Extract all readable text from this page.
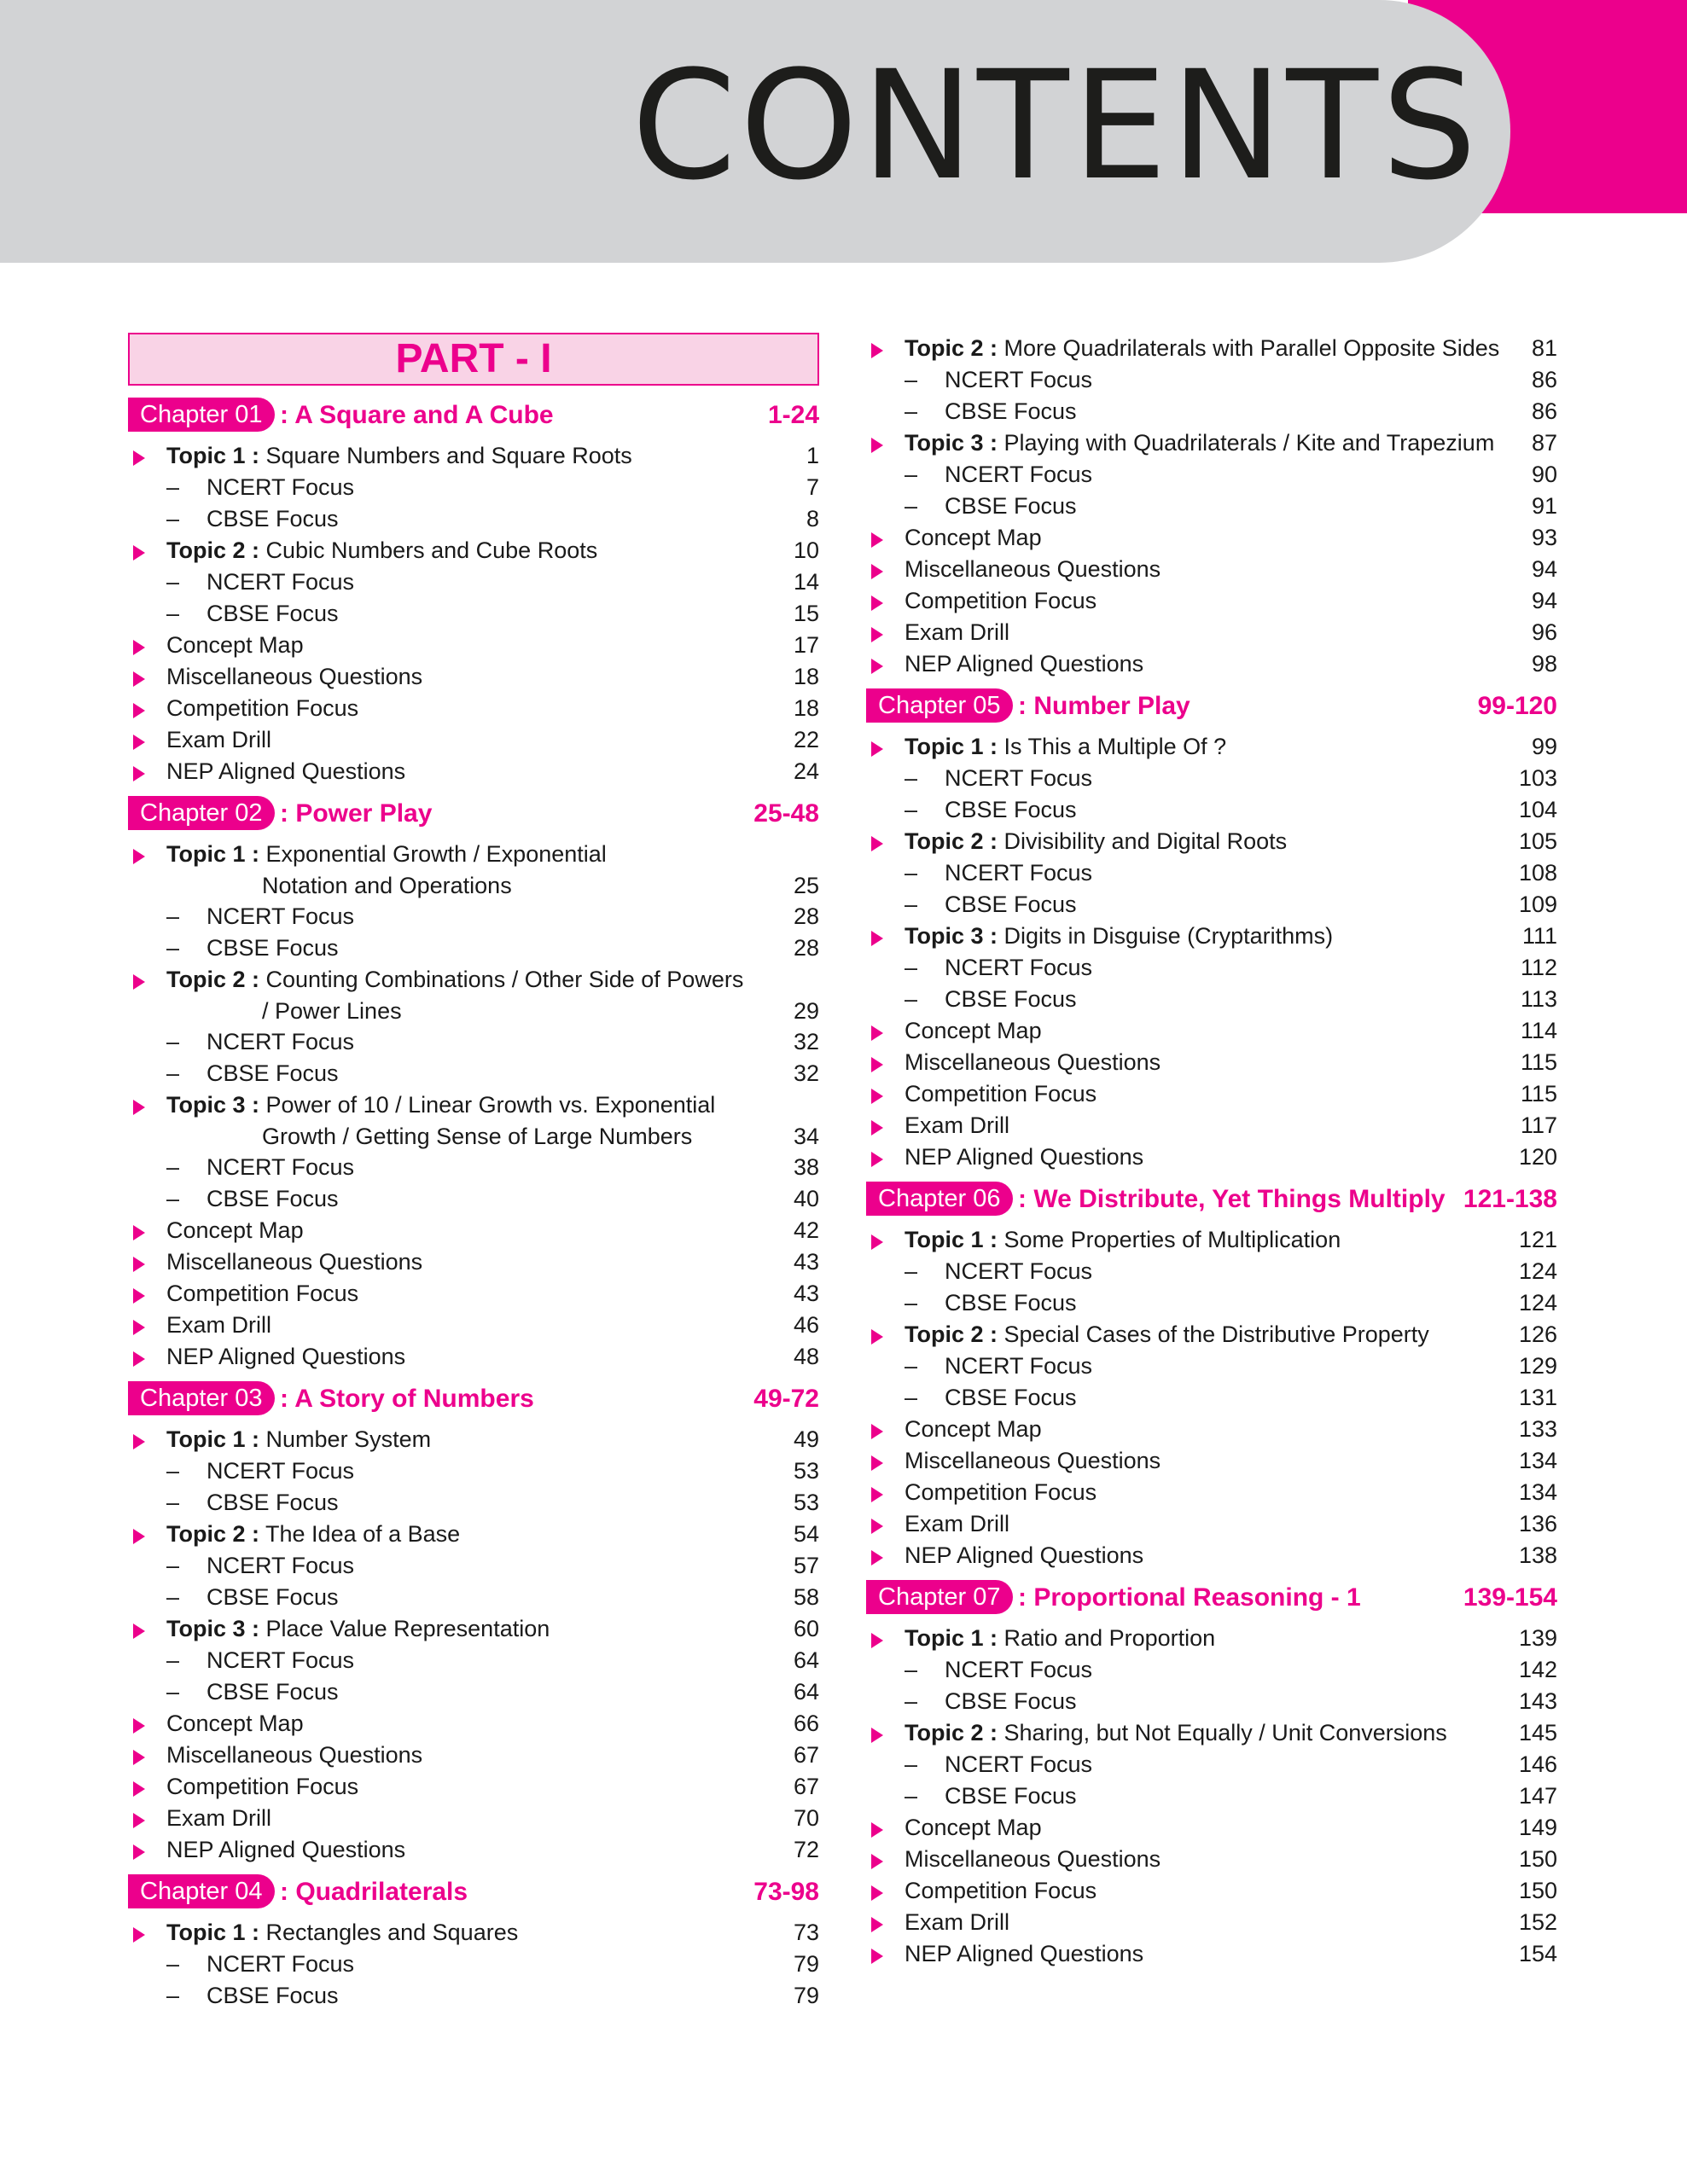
CONTENTS
PART - I
Chapter 01 : A Square and A Cube	1-24
Topic 1 : Square Numbers and Square Roots	1
– NCERT Focus	7
– CBSE Focus	8
Topic 2 : Cubic Numbers and Cube Roots	10
– NCERT Focus	14
– CBSE Focus	15
Concept Map	17
Miscellaneous Questions	18
Competition Focus	18
Exam Drill	22
NEP Aligned Questions	24
Chapter 02 : Power Play	25-48
Topic 1 : Exponential Growth / Exponential
Notation and Operations	25
– NCERT Focus	28
– CBSE Focus	28
Topic 2 : Counting Combinations / Other Side of Powers
/ Power Lines	29
– NCERT Focus	32
– CBSE Focus	32
Topic 3 : Power of 10 / Linear Growth vs. Exponential
Growth / Getting Sense of Large Numbers	34
– NCERT Focus	38
– CBSE Focus	40
Concept Map	42
Miscellaneous Questions	43
Competition Focus	43
Exam Drill	46
NEP Aligned Questions	48
Chapter 03 : A Story of Numbers	49-72
Topic 1 : Number System	49
– NCERT Focus	53
– CBSE Focus	53
Topic 2 : The Idea of a Base	54
– NCERT Focus	57
– CBSE Focus	58
Topic 3 : Place Value Representation	60
– NCERT Focus	64
– CBSE Focus	64
Concept Map	66
Miscellaneous Questions	67
Competition Focus	67
Exam Drill	70
NEP Aligned Questions	72
Chapter 04 : Quadrilaterals	73-98
Topic 1 : Rectangles and Squares	73
– NCERT Focus	79
– CBSE Focus	79
Topic 2 : More Quadrilaterals with Parallel Opposite Sides 81
– NCERT Focus	86
– CBSE Focus	86
Topic 3 : Playing with Quadrilaterals / Kite and Trapezium 87
– NCERT Focus	90
– CBSE Focus	91
Concept Map	93
Miscellaneous Questions	94
Competition Focus	94
Exam Drill	96
NEP Aligned Questions	98
Chapter 05 : Number Play	99-120
Topic 1 : Is This a Multiple Of ?	99
– NCERT Focus	103
– CBSE Focus	104
Topic 2 : Divisibility and Digital Roots	105
– NCERT Focus	108
– CBSE Focus	109
Topic 3 : Digits in Disguise (Cryptarithms)	111
– NCERT Focus	112
– CBSE Focus	113
Concept Map	114
Miscellaneous Questions	115
Competition Focus	115
Exam Drill	117
NEP Aligned Questions	120
Chapter 06 : We Distribute, Yet Things Multiply 121-138
Topic 1 : Some Properties of Multiplication	121
– NCERT Focus	124
– CBSE Focus	124
Topic 2 : Special Cases of the Distributive Property	126
– NCERT Focus	129
– CBSE Focus	131
Concept Map	133
Miscellaneous Questions	134
Competition Focus	134
Exam Drill	136
NEP Aligned Questions	138
Chapter 07 : Proportional Reasoning - 1	139-154
Topic 1 : Ratio and Proportion	139
– NCERT Focus	142
– CBSE Focus	143
Topic 2 : Sharing, but Not Equally / Unit Conversions	145
– NCERT Focus	146
– CBSE Focus	147
Concept Map	149
Miscellaneous Questions	150
Competition Focus	150
Exam Drill	152
NEP Aligned Questions	154
